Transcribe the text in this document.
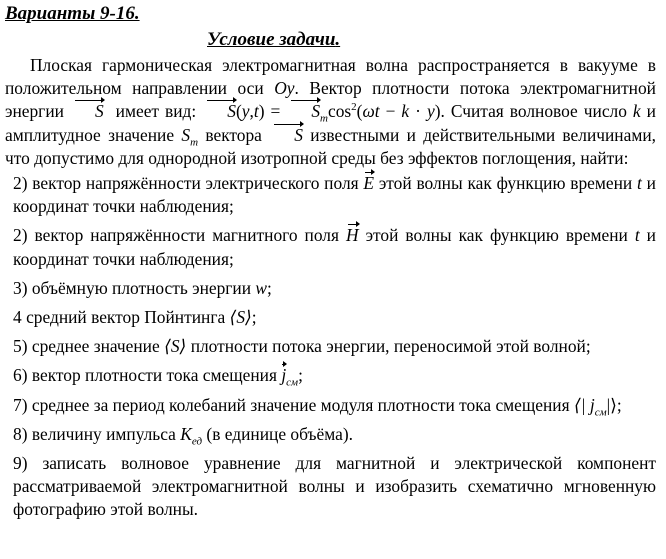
Варианты 9-16.
Условие задачи.

Плоская гармоническая электромагнитная волна распространяется в вакууме в положительном направлении оси Oy. Вектор плотности потока электромагнитной энергии S имеет вид: $S(y,t) = S_m\cos^2(\omega t - k \cdot y)$. Считая волновое число k и амплитудное значение $S_m$ вектора S известными и действительными величинами, что допустимо для однородной изотропной среды без эффектов поглощения, найти:

2) вектор напряжённости электрического поля E этой волны как функцию времени t и координат точки наблюдения;
2) вектор напряжённости магнитного поля H этой волны как функцию времени t и координат точки наблюдения;
3) объёмную плотность энергии w;
4 средний вектор Пойнтинга ⟨S⟩;
5) среднее значение ⟨S⟩ плотности потока энергии, переносимой этой волной;
6) вектор плотности тока смещения $j_{см}$;
7) среднее за период колебаний значение модуля плотности тока смещения ⟨| $j_{см}|⟩$;
8) величину импульса $K_{ед}$ (в единице объёма).
9) записать волновое уравнение для магнитной и электрической компонент рассматриваемой электромагнитной волны и изобразить схематично мгновенную фотографию этой волны.
